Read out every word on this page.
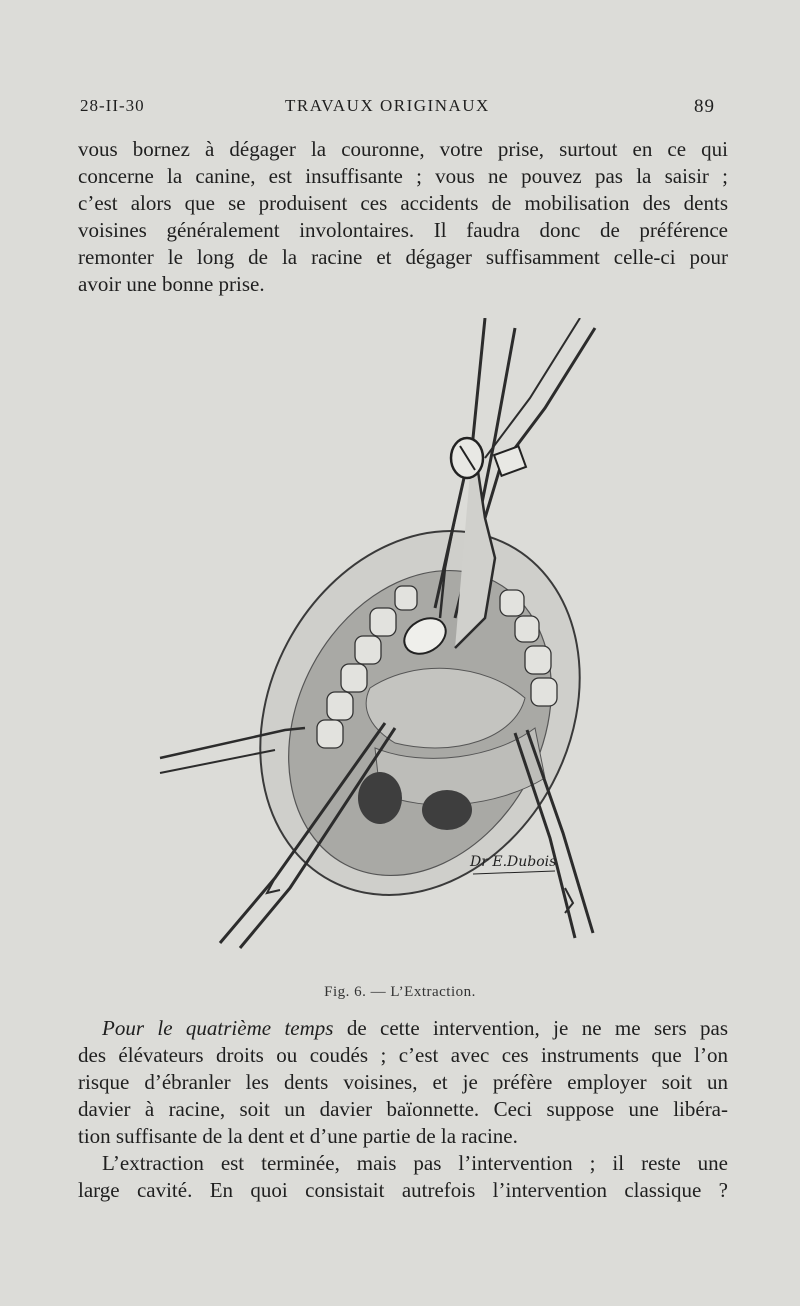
28-II-30	TRAVAUX ORIGINAUX	89
vous bornez à dégager la couronne, votre prise, surtout en ce qui
concerne la canine, est insuffisante ; vous ne pouvez pas la saisir ;
c’est alors que se produisent ces accidents de mobilisation des dents
voisines généralement involontaires. Il faudra donc de préférence
remonter le long de la racine et dégager suffisamment celle-ci pour
avoir une bonne prise.
Dr E.Dubois
Fig. 6. — L’Extraction.
Pour le quatrième temps de cette intervention, je ne me sers pas
des élévateurs droits ou coudés ; c’est avec ces instruments que l’on
risque d’ébranler les dents voisines, et je préfère employer soit un
davier à racine, soit un davier baïonnette. Ceci suppose une libéra-
tion suffisante de la dent et d’une partie de la racine.
L’extraction est terminée, mais pas l’intervention ; il reste une
large cavité. En quoi consistait autrefois l’intervention classique ?
